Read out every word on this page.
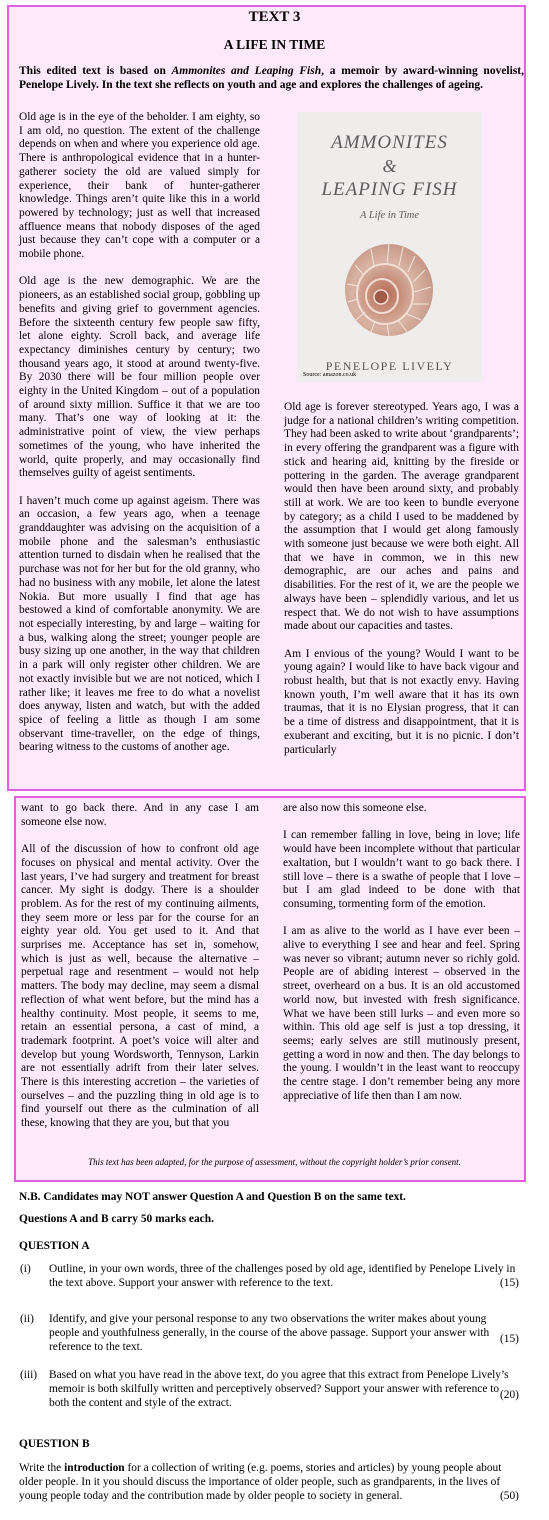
TEXT 3
A LIFE IN TIME
This edited text is based on Ammonites and Leaping Fish, a memoir by award-winning novelist, Penelope Lively. In the text she reflects on youth and age and explores the challenges of ageing.

Old age is in the eye of the beholder. I am eighty, so I am old, no question. The extent of the challenge depends on when and where you experience old age. There is anthropological evidence that in a hunter-gatherer society the old are valued simply for experience, their bank of hunter-gatherer knowledge. Things aren’t quite like this in a world powered by technology; just as well that increased affluence means that nobody disposes of the aged just because they can’t cope with a computer or a mobile phone.

Old age is the new demographic. We are the pioneers, as an established social group, gobbling up benefits and giving grief to government agencies. Before the sixteenth century few people saw fifty, let alone eighty. Scroll back, and average life expectancy diminishes century by century; two thousand years ago, it stood at around twenty-five. By 2030 there will be four million people over eighty in the United Kingdom – out of a population of around sixty million. Suffice it that we are too many. That’s one way of looking at it: the administrative point of view, the view perhaps sometimes of the young, who have inherited the world, quite properly, and may occasionally find themselves guilty of ageist sentiments.

I haven’t much come up against ageism. There was an occasion, a few years ago, when a teenage granddaughter was advising on the acquisition of a mobile phone and the salesman’s enthusiastic attention turned to disdain when he realised that the purchase was not for her but for the old granny, who had no business with any mobile, let alone the latest Nokia. But more usually I find that age has bestowed a kind of comfortable anonymity. We are not especially interesting, by and large – waiting for a bus, walking along the street; younger people are busy sizing up one another, in the way that children in a park will only register other children. We are not exactly invisible but we are not noticed, which I rather like; it leaves me free to do what a novelist does anyway, listen and watch, but with the added spice of feeling a little as though I am some observant time-traveller, on the edge of things, bearing witness to the customs of another age.

AMMONITES
&
LEAPING FISH
A Life in Time
PENELOPE LIVELY
Source: amazon.co.uk

Old age is forever stereotyped. Years ago, I was a judge for a national children’s writing competition. They had been asked to write about ‘grandparents’; in every offering the grandparent was a figure with stick and hearing aid, knitting by the fireside or pottering in the garden. The average grandparent would then have been around sixty, and probably still at work. We are too keen to bundle everyone by category; as a child I used to be maddened by the assumption that I would get along famously with someone just because we were both eight. All that we have in common, we in this new demographic, are our aches and pains and disabilities. For the rest of it, we are the people we always have been – splendidly various, and let us respect that. We do not wish to have assumptions made about our capacities and tastes.

Am I envious of the young? Would I want to be young again? I would like to have back vigour and robust health, but that is not exactly envy. Having known youth, I’m well aware that it has its own traumas, that it is no Elysian progress, that it can be a time of distress and disappointment, that it is exuberant and exciting, but it is no picnic. I don’t particularly

want to go back there. And in any case I am someone else now.

All of the discussion of how to confront old age focuses on physical and mental activity. Over the last years, I’ve had surgery and treatment for breast cancer. My sight is dodgy. There is a shoulder problem. As for the rest of my continuing ailments, they seem more or less par for the course for an eighty year old. You get used to it. And that surprises me. Acceptance has set in, somehow, which is just as well, because the alternative – perpetual rage and resentment – would not help matters. The body may decline, may seem a dismal reflection of what went before, but the mind has a healthy continuity. Most people, it seems to me, retain an essential persona, a cast of mind, a trademark footprint. A poet’s voice will alter and develop but young Wordsworth, Tennyson, Larkin are not essentially adrift from their later selves. There is this interesting accretion – the varieties of ourselves – and the puzzling thing in old age is to find yourself out there as the culmination of all these, knowing that they are you, but that you

are also now this someone else.

I can remember falling in love, being in love; life would have been incomplete without that particular exaltation, but I wouldn’t want to go back there. I still love – there is a swathe of people that I love – but I am glad indeed to be done with that consuming, tormenting form of the emotion.

I am as alive to the world as I have ever been – alive to everything I see and hear and feel. Spring was never so vibrant; autumn never so richly gold. People are of abiding interest – observed in the street, overheard on a bus. It is an old accustomed world now, but invested with fresh significance. What we have been still lurks – and even more so within. This old age self is just a top dressing, it seems; early selves are still mutinously present, getting a word in now and then. The day belongs to the young. I wouldn’t in the least want to reoccupy the centre stage. I don’t remember being any more appreciative of life then than I am now.

This text has been adapted, for the purpose of assessment, without the copyright holder’s prior consent.
N.B. Candidates may NOT answer Question A and Question B on the same text.
Questions A and B carry 50 marks each.
QUESTION A
(i) Outline, in your own words, three of the challenges posed by old age, identified by Penelope Lively in the text above. Support your answer with reference to the text.	(15)
(ii) Identify, and give your personal response to any two observations the writer makes about young people and youthfulness generally, in the course of the above passage. Support your answer with reference to the text.
(15)
(iii) Based on what you have read in the above text, do you agree that this extract from Penelope Lively’s memoir is both skilfully written and perceptively observed? Support your answer with reference to both the content and style of the extract.
(20)
QUESTION B
Write the introduction for a collection of writing (e.g. poems, stories and articles) by young people about older people. In it you should discuss the importance of older people, such as grandparents, in the lives of young people today and the contribution made by older people to society in general.	(50)
